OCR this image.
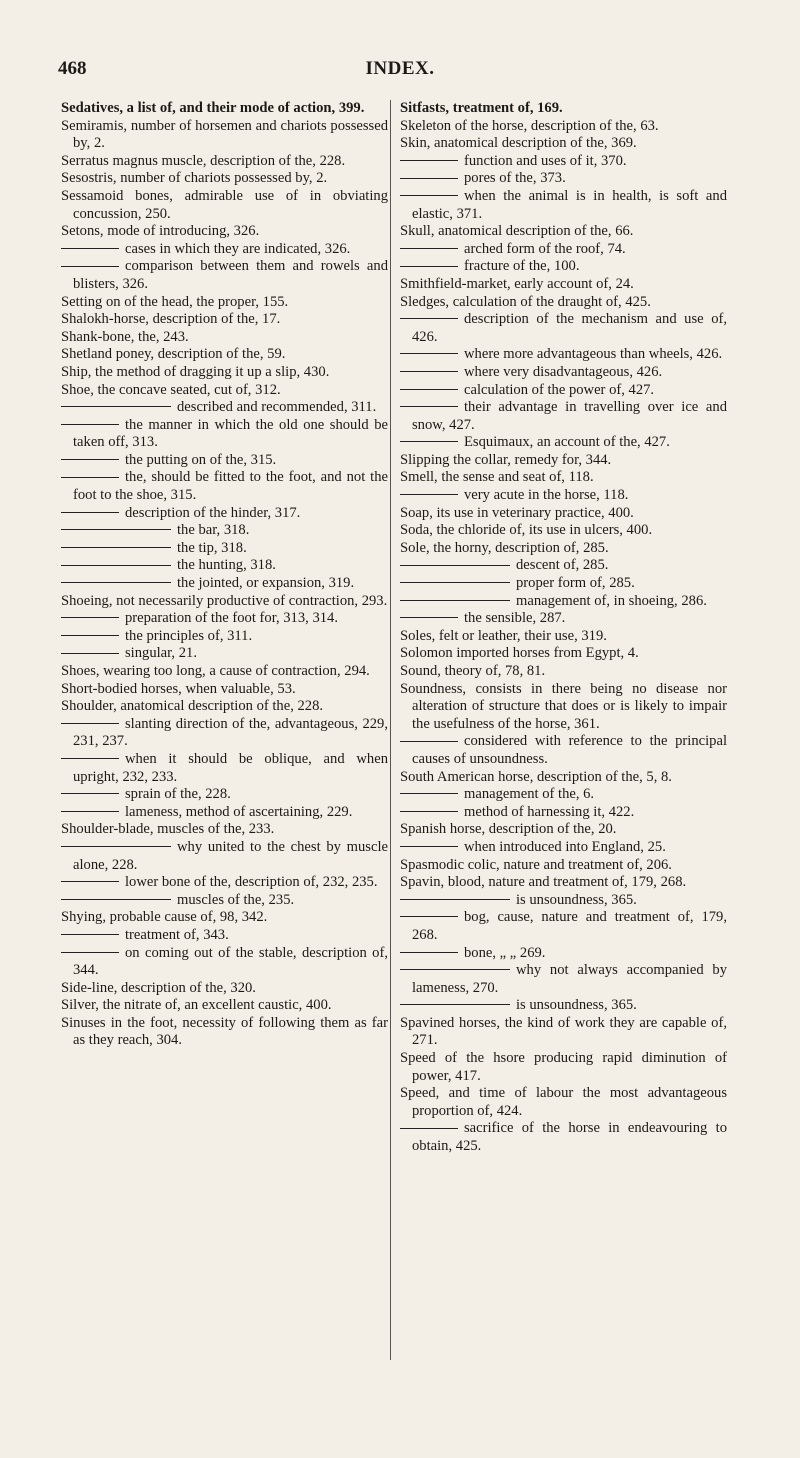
468	INDEX.

Sedatives, a list of, and their mode of action, 399.

Semiramis, number of horsemen and chariots possessed by, 2.

Serratus magnus muscle, description of the, 228.

Sesostris, number of chariots possessed by, 2.

Sessamoid bones, admirable use of in obviating concussion, 250.

Setons, mode of introducing, 326.

cases in which they are indicated, 326.

comparison between them and rowels and blisters, 326.

Setting on of the head, the proper, 155.

Shalokh-horse, description of the, 17.

Shank-bone, the, 243.

Shetland poney, description of the, 59.

Ship, the method of dragging it up a slip, 430.

Shoe, the concave seated, cut of, 312.

described and recommended, 311.

the manner in which the old one should be taken off, 313.

the putting on of the, 315.

the, should be fitted to the foot, and not the foot to the shoe, 315.

description of the hinder, 317.

the bar, 318.

the tip, 318.

the hunting, 318.

the jointed, or expansion, 319.

Shoeing, not necessarily productive of contraction, 293.

preparation of the foot for, 313, 314.

the principles of, 311.

singular, 21.

Shoes, wearing too long, a cause of contraction, 294.

Short-bodied horses, when valuable, 53.

Shoulder, anatomical description of the, 228.

slanting direction of the, advantageous, 229, 231, 237.

when it should be oblique, and when upright, 232, 233.

sprain of the, 228.

lameness, method of ascertaining, 229.

Shoulder-blade, muscles of the, 233.

why united to the chest by muscle alone, 228.

lower bone of the, description of, 232, 235.

muscles of the, 235.

Shying, probable cause of, 98, 342.

treatment of, 343.

on coming out of the stable, description of, 344.

Side-line, description of the, 320.

Silver, the nitrate of, an excellent caustic, 400.

Sinuses in the foot, necessity of following them as far as they reach, 304.

Sitfasts, treatment of, 169.

Skeleton of the horse, description of the, 63.

Skin, anatomical description of the, 369.

function and uses of it, 370.

pores of the, 373.

when the animal is in health, is soft and elastic, 371.

Skull, anatomical description of the, 66.

arched form of the roof, 74.

fracture of the, 100.

Smithfield-market, early account of, 24.

Sledges, calculation of the draught of, 425.

description of the mechanism and use of, 426.

where more advantageous than wheels, 426.

where very disadvantageous, 426.

calculation of the power of, 427.

their advantage in travelling over ice and snow, 427.

Esquimaux, an account of the, 427.

Slipping the collar, remedy for, 344.

Smell, the sense and seat of, 118.

very acute in the horse, 118.

Soap, its use in veterinary practice, 400.

Soda, the chloride of, its use in ulcers, 400.

Sole, the horny, description of, 285.

descent of, 285.

proper form of, 285.

management of, in shoeing, 286.

the sensible, 287.

Soles, felt or leather, their use, 319.

Solomon imported horses from Egypt, 4.

Sound, theory of, 78, 81.

Soundness, consists in there being no disease nor alteration of structure that does or is likely to impair the usefulness of the horse, 361.

considered with reference to the principal causes of unsoundness.

South American horse, description of the, 5, 8.

management of the, 6.

method of harnessing it, 422.

Spanish horse, description of the, 20.

when introduced into England, 25.

Spasmodic colic, nature and treatment of, 206.

Spavin, blood, nature and treatment of, 179, 268.

is unsoundness, 365.

bog, cause, nature and treatment of, 179, 268.

bone, „ „ 269.

why not always accompanied by lameness, 270.

is unsoundness, 365.

Spavined horses, the kind of work they are capable of, 271.

Speed of the hsore producing rapid diminution of power, 417.

Speed, and time of labour the most advantageous proportion of, 424.

sacrifice of the horse in endeavouring to obtain, 425.
